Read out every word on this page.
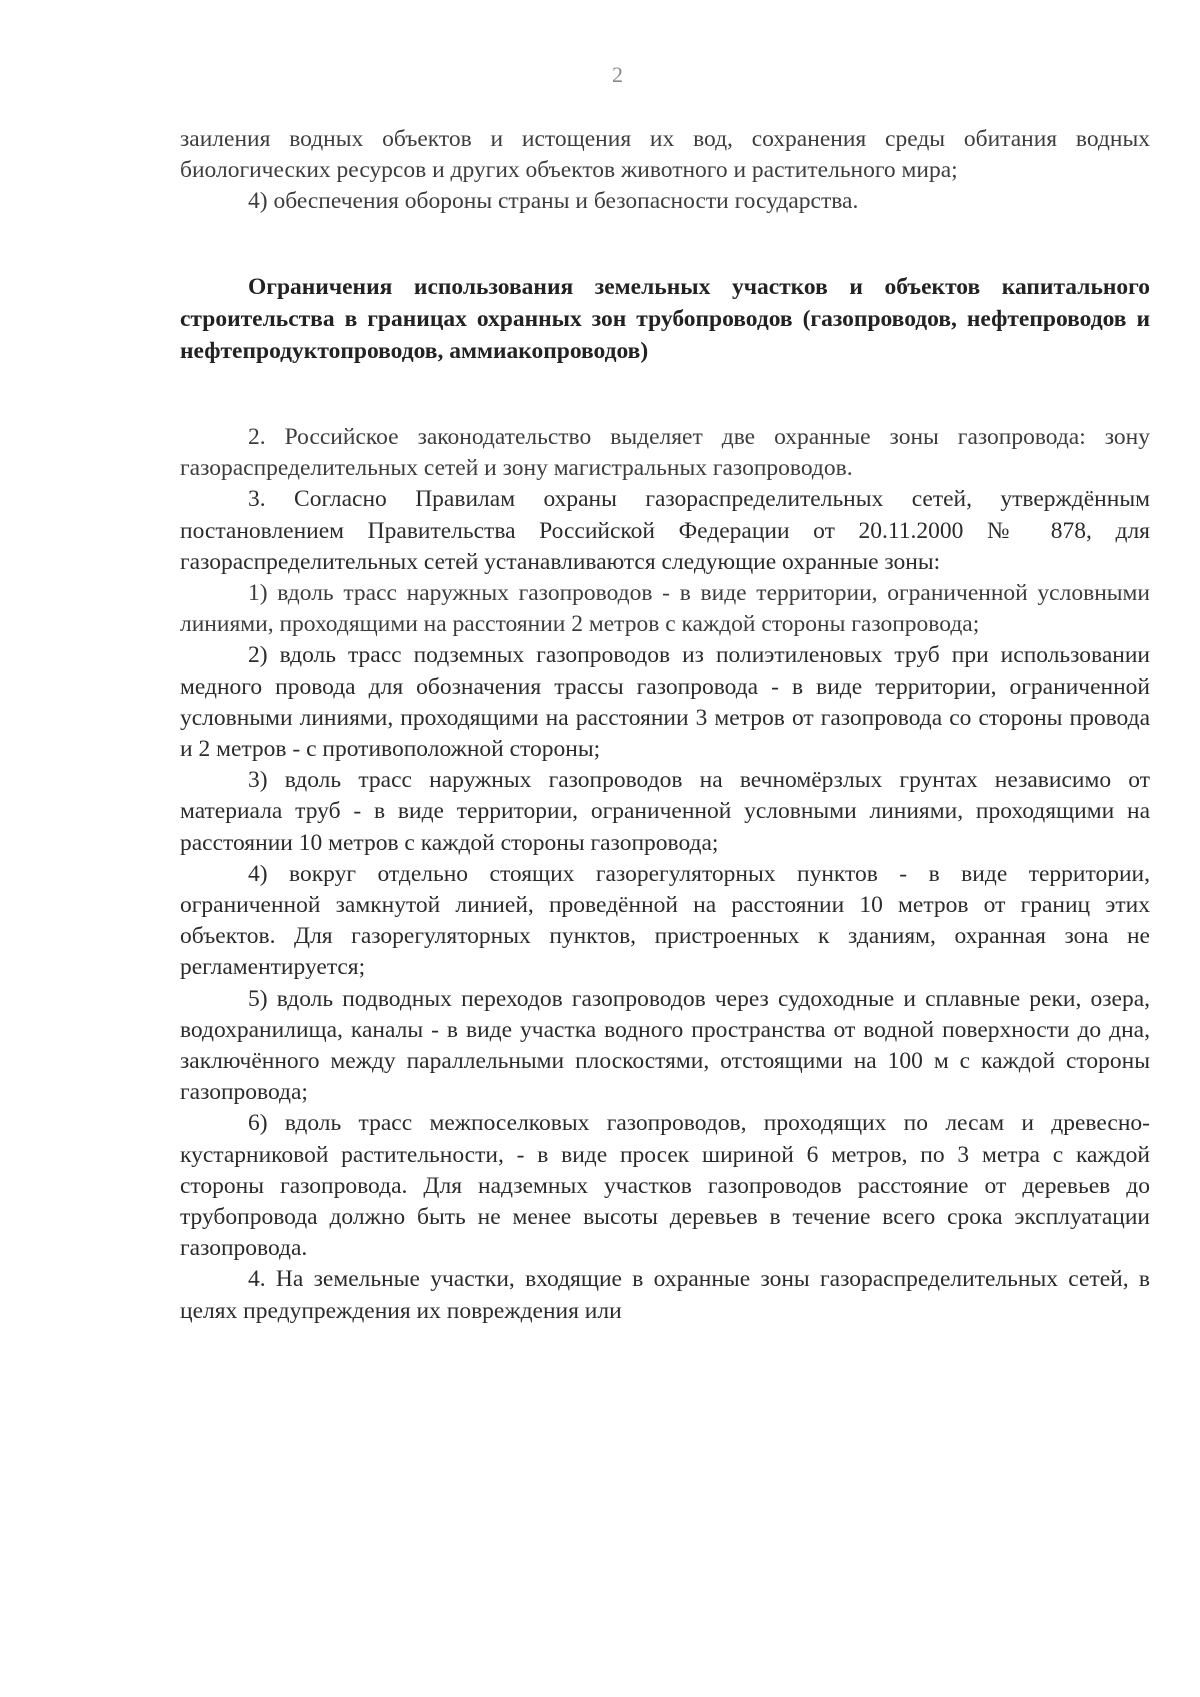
2

заиления водных объектов и истощения их вод, сохранения среды обитания водных биологических ресурсов и других объектов животного и растительного мира;

4) обеспечения обороны страны и безопасности государства.

Ограничения использования земельных участков и объектов капитального строительства в границах охранных зон трубопроводов (газопроводов, нефтепроводов и нефтепродуктопроводов, аммиакопроводов)

2. Российское законодательство выделяет две охранные зоны газопровода: зону газораспределительных сетей и зону магистральных газопроводов.

3. Согласно Правилам охраны газораспределительных сетей, утверждённым постановлением Правительства Российской Федерации от 20.11.2000 № 878, для газораспределительных сетей устанавливаются следующие охранные зоны:

1) вдоль трасс наружных газопроводов - в виде территории, ограниченной условными линиями, проходящими на расстоянии 2 метров с каждой стороны газопровода;

2) вдоль трасс подземных газопроводов из полиэтиленовых труб при использовании медного провода для обозначения трассы газопровода - в виде территории, ограниченной условными линиями, проходящими на расстоянии 3 метров от газопровода со стороны провода и 2 метров - с противоположной стороны;

3) вдоль трасс наружных газопроводов на вечномёрзлых грунтах независимо от материала труб - в виде территории, ограниченной условными линиями, проходящими на расстоянии 10 метров с каждой стороны газопровода;

4) вокруг отдельно стоящих газорегуляторных пунктов - в виде территории, ограниченной замкнутой линией, проведённой на расстоянии 10 метров от границ этих объектов. Для газорегуляторных пунктов, пристроенных к зданиям, охранная зона не регламентируется;

5) вдоль подводных переходов газопроводов через судоходные и сплавные реки, озера, водохранилища, каналы - в виде участка водного пространства от водной поверхности до дна, заключённого между параллельными плоскостями, отстоящими на 100 м с каждой стороны газопровода;

6) вдоль трасс межпоселковых газопроводов, проходящих по лесам и древесно-кустарниковой растительности, - в виде просек шириной 6 метров, по 3 метра с каждой стороны газопровода. Для надземных участков газопроводов расстояние от деревьев до трубопровода должно быть не менее высоты деревьев в течение всего срока эксплуатации газопровода.

4. На земельные участки, входящие в охранные зоны газораспределительных сетей, в целях предупреждения их повреждения или
